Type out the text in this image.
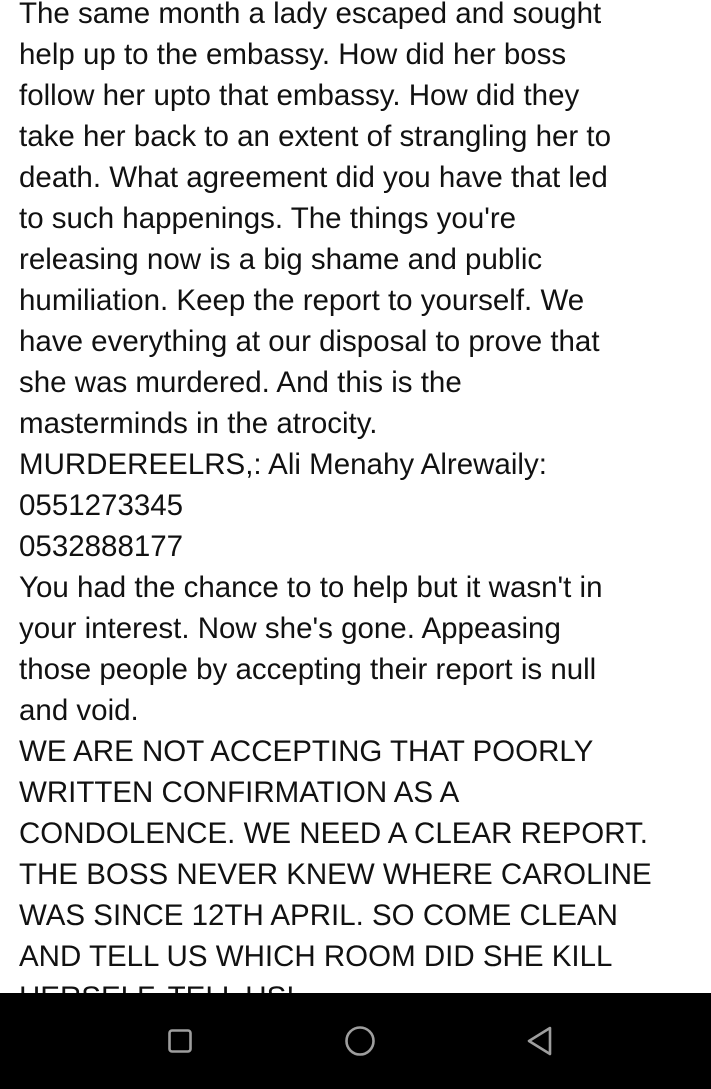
The same month a lady escaped and sought
help up to the embassy. How did her boss
follow her upto that embassy. How did they
take her back to an extent of strangling her to
death. What agreement did you have that led
to such happenings. The things you're
releasing now is a big shame and public
humiliation. Keep the report to yourself. We
have everything at our disposal to prove that
she was murdered. And this is the
masterminds in the atrocity.
MURDEREELRS,: Ali Menahy Alrewaily:
0551273345
0532888177
You had the chance to to help but it wasn't in
your interest. Now she's gone. Appeasing
those people by accepting their report is null
and void.
WE ARE NOT ACCEPTING THAT POORLY
WRITTEN CONFIRMATION AS A
CONDOLENCE. WE NEED A CLEAR REPORT.
THE BOSS NEVER KNEW WHERE CAROLINE
WAS SINCE 12TH APRIL. SO COME CLEAN
AND TELL US WHICH ROOM DID SHE KILL
